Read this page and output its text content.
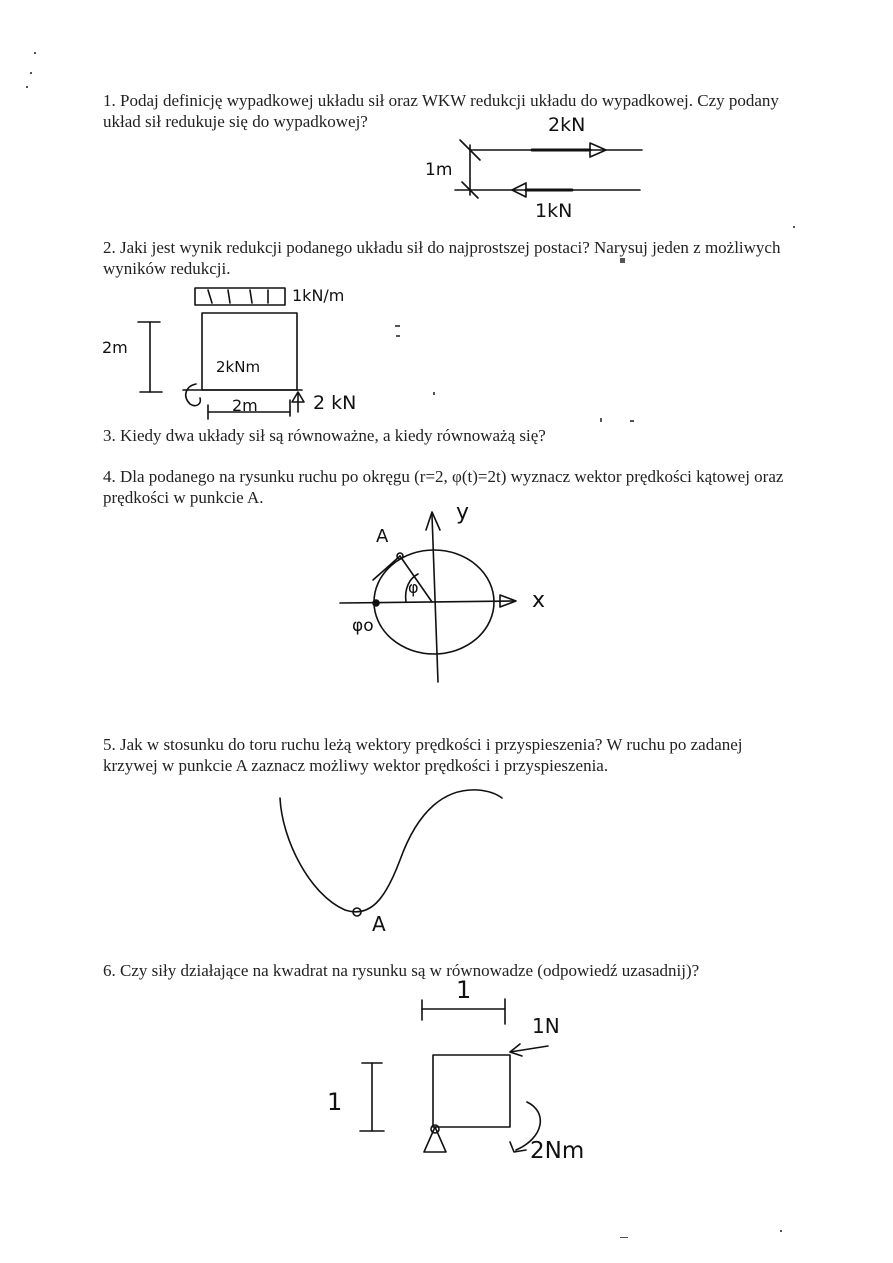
1. Podaj definicję wypadkowej układu sił oraz WKW redukcji układu do wypadkowej. Czy podany układ sił redukuje się do wypadkowej?

2. Jaki jest wynik redukcji podanego układu sił do najprostszej postaci? Narysuj jeden z możliwych wyników redukcji.

3. Kiedy dwa układy sił są równoważne, a kiedy równoważą się?

4. Dla podanego na rysunku ruchu po okręgu (r=2, φ(t)=2t) wyznacz wektor prędkości kątowej oraz prędkości w punkcie A.

5. Jak w stosunku do toru ruchu leżą wektory prędkości i przyspieszenia? W ruchu po zadanej krzywej w punkcie A zaznacz możliwy wektor prędkości i przyspieszenia.

6. Czy siły działające na kwadrat na rysunku są w równowadze (odpowiedź uzasadnij)?

2kN
1kN
1m
1kN/m
2m
2kNm
2m	2 kN
A
y
x
φ
φo
A
1
1
1N
2Nm
